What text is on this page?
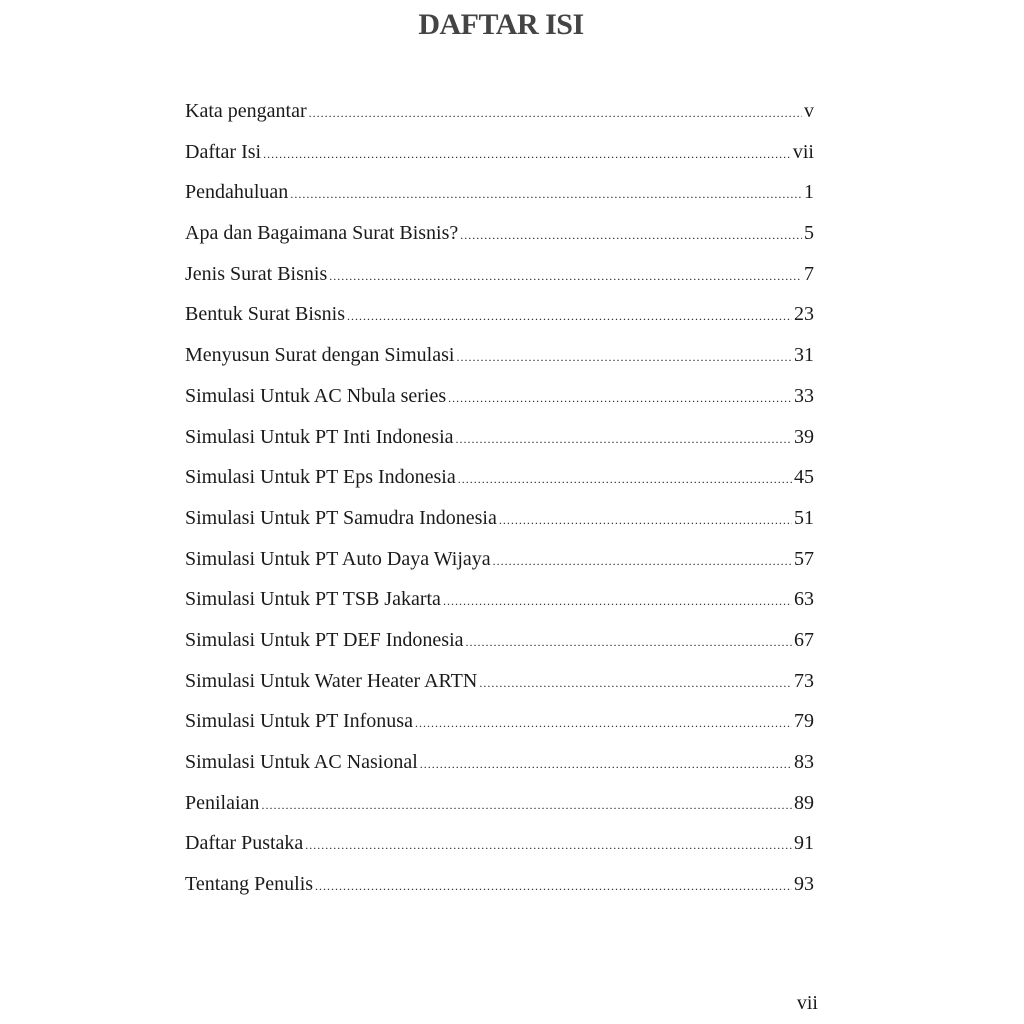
DAFTAR ISI
Kata pengantar .....	v
Daftar Isi .....	vii
Pendahuluan .....	1
Apa dan Bagaimana Surat Bisnis? .....	5
Jenis Surat Bisnis .....	7
Bentuk Surat Bisnis .....	23
Menyusun Surat dengan Simulasi .....	31
Simulasi Untuk AC Nbula series .....	33
Simulasi Untuk PT Inti Indonesia .....	39
Simulasi Untuk PT Eps Indonesia .....	45
Simulasi Untuk PT Samudra Indonesia .....	51
Simulasi Untuk PT Auto Daya Wijaya .....	57
Simulasi Untuk PT TSB Jakarta .....	63
Simulasi Untuk PT DEF Indonesia .....	67
Simulasi Untuk Water Heater ARTN .....	73
Simulasi Untuk PT Infonusa .....	79
Simulasi Untuk AC Nasional .....	83
Penilaian .....	89
Daftar Pustaka .....	91
Tentang Penulis .....	93
vii
